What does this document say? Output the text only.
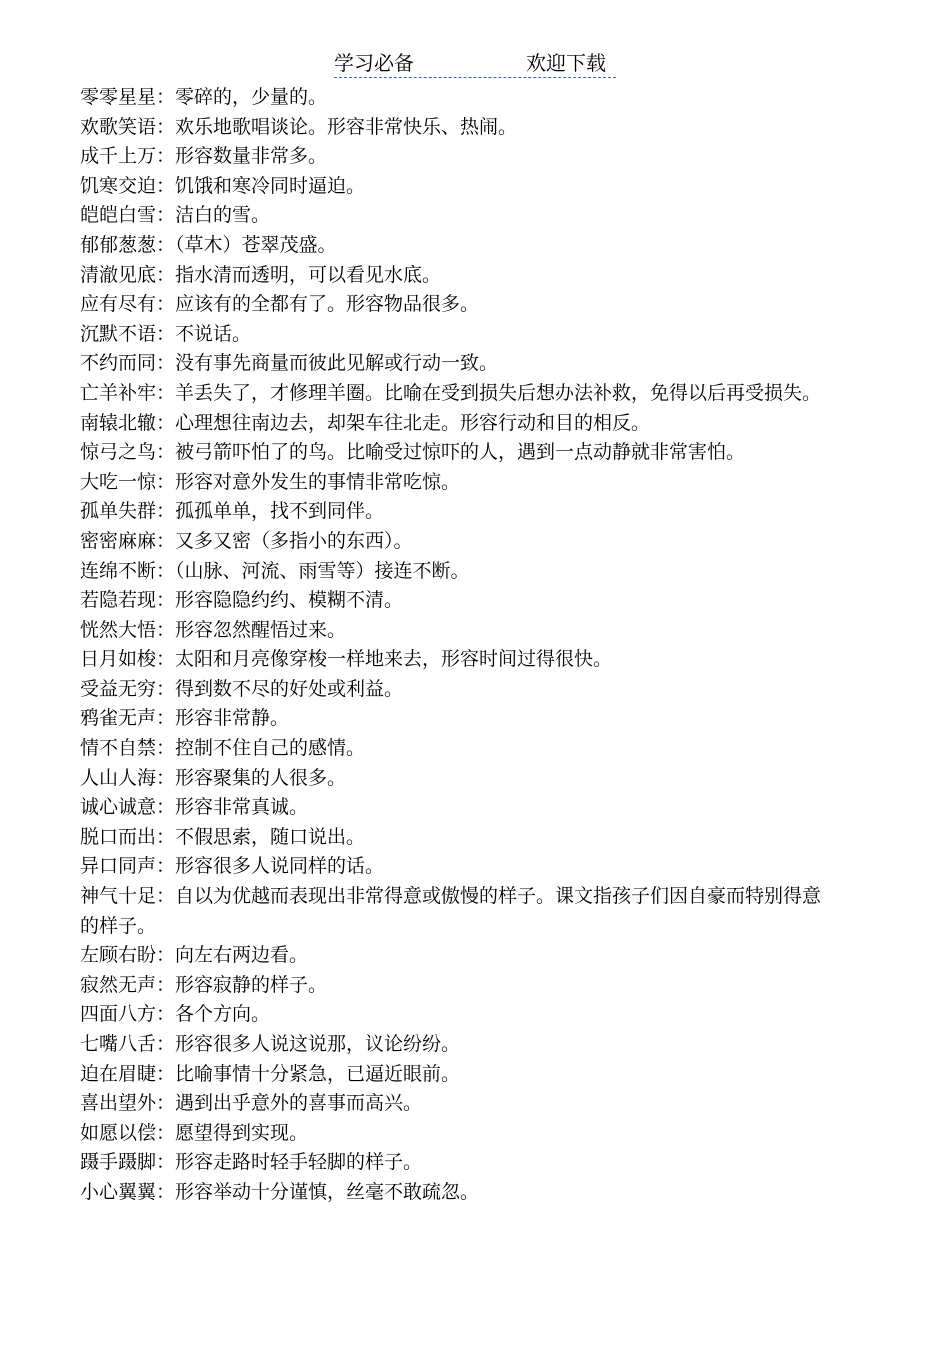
学习必备	欢迎下载

零零星星：零碎的，少量的。

欢歌笑语：欢乐地歌唱谈论。形容非常快乐、热闹。

成千上万：形容数量非常多。

饥寒交迫：饥饿和寒冷同时逼迫。

皑皑白雪：洁白的雪。

郁郁葱葱：（草木）苍翠茂盛。

清澈见底：指水清而透明，可以看见水底。

应有尽有：应该有的全都有了。形容物品很多。

沉默不语：不说话。

不约而同：没有事先商量而彼此见解或行动一致。

亡羊补牢：羊丢失了，才修理羊圈。比喻在受到损失后想办法补救，免得以后再受损失。

南辕北辙：心理想往南边去，却架车往北走。形容行动和目的相反。

惊弓之鸟：被弓箭吓怕了的鸟。比喻受过惊吓的人，遇到一点动静就非常害怕。

大吃一惊：形容对意外发生的事情非常吃惊。

孤单失群：孤孤单单，找不到同伴。

密密麻麻：又多又密（多指小的东西）。

连绵不断：（山脉、河流、雨雪等）接连不断。

若隐若现：形容隐隐约约、模糊不清。

恍然大悟：形容忽然醒悟过来。

日月如梭：太阳和月亮像穿梭一样地来去，形容时间过得很快。

受益无穷：得到数不尽的好处或利益。

鸦雀无声：形容非常静。

情不自禁：控制不住自己的感情。

人山人海：形容聚集的人很多。

诚心诚意：形容非常真诚。

脱口而出：不假思索，随口说出。

异口同声：形容很多人说同样的话。

神气十足：自以为优越而表现出非常得意或傲慢的样子。课文指孩子们因自豪而特别得意的样子。

左顾右盼：向左右两边看。

寂然无声：形容寂静的样子。

四面八方：各个方向。

七嘴八舌：形容很多人说这说那，议论纷纷。

迫在眉睫：比喻事情十分紧急，已逼近眼前。

喜出望外：遇到出乎意外的喜事而高兴。

如愿以偿：愿望得到实现。

蹑手蹑脚：形容走路时轻手轻脚的样子。

小心翼翼：形容举动十分谨慎，丝毫不敢疏忽。
